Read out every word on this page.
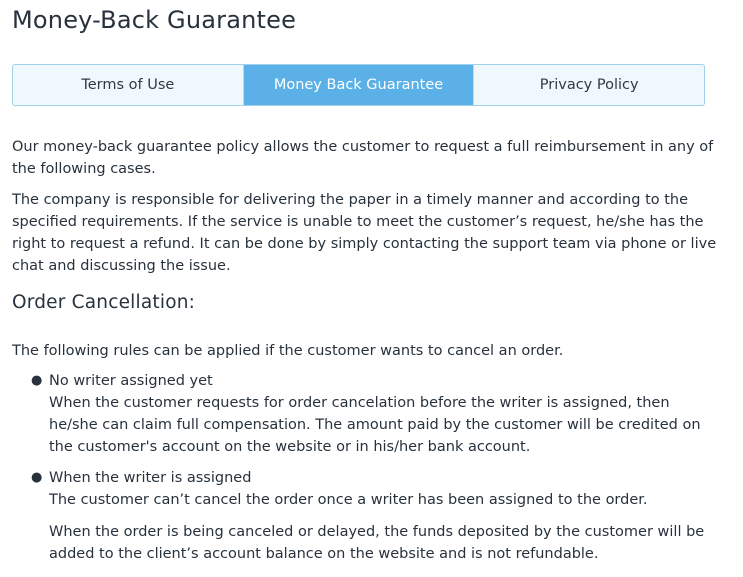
Money-Back Guarantee
Terms of Use	Money Back Guarantee	Privacy Policy

Our money-back guarantee policy allows the customer to request a full reimbursement in any of the following cases.

The company is responsible for delivering the paper in a timely manner and according to the specified requirements. If the service is unable to meet the customer’s request, he/she has the right to request a refund. It can be done by simply contacting the support team via phone or live chat and discussing the issue.

Order Cancellation:

The following rules can be applied if the customer wants to cancel an order.

● No writer assigned yet
When the customer requests for order cancelation before the writer is assigned, then he/she can claim full compensation. The amount paid by the customer will be credited on the customer's account on the website or in his/her bank account.
● When the writer is assigned
The customer can’t cancel the order once a writer has been assigned to the order.

When the order is being canceled or delayed, the funds deposited by the customer will be added to the client’s account balance on the website and is not refundable.
